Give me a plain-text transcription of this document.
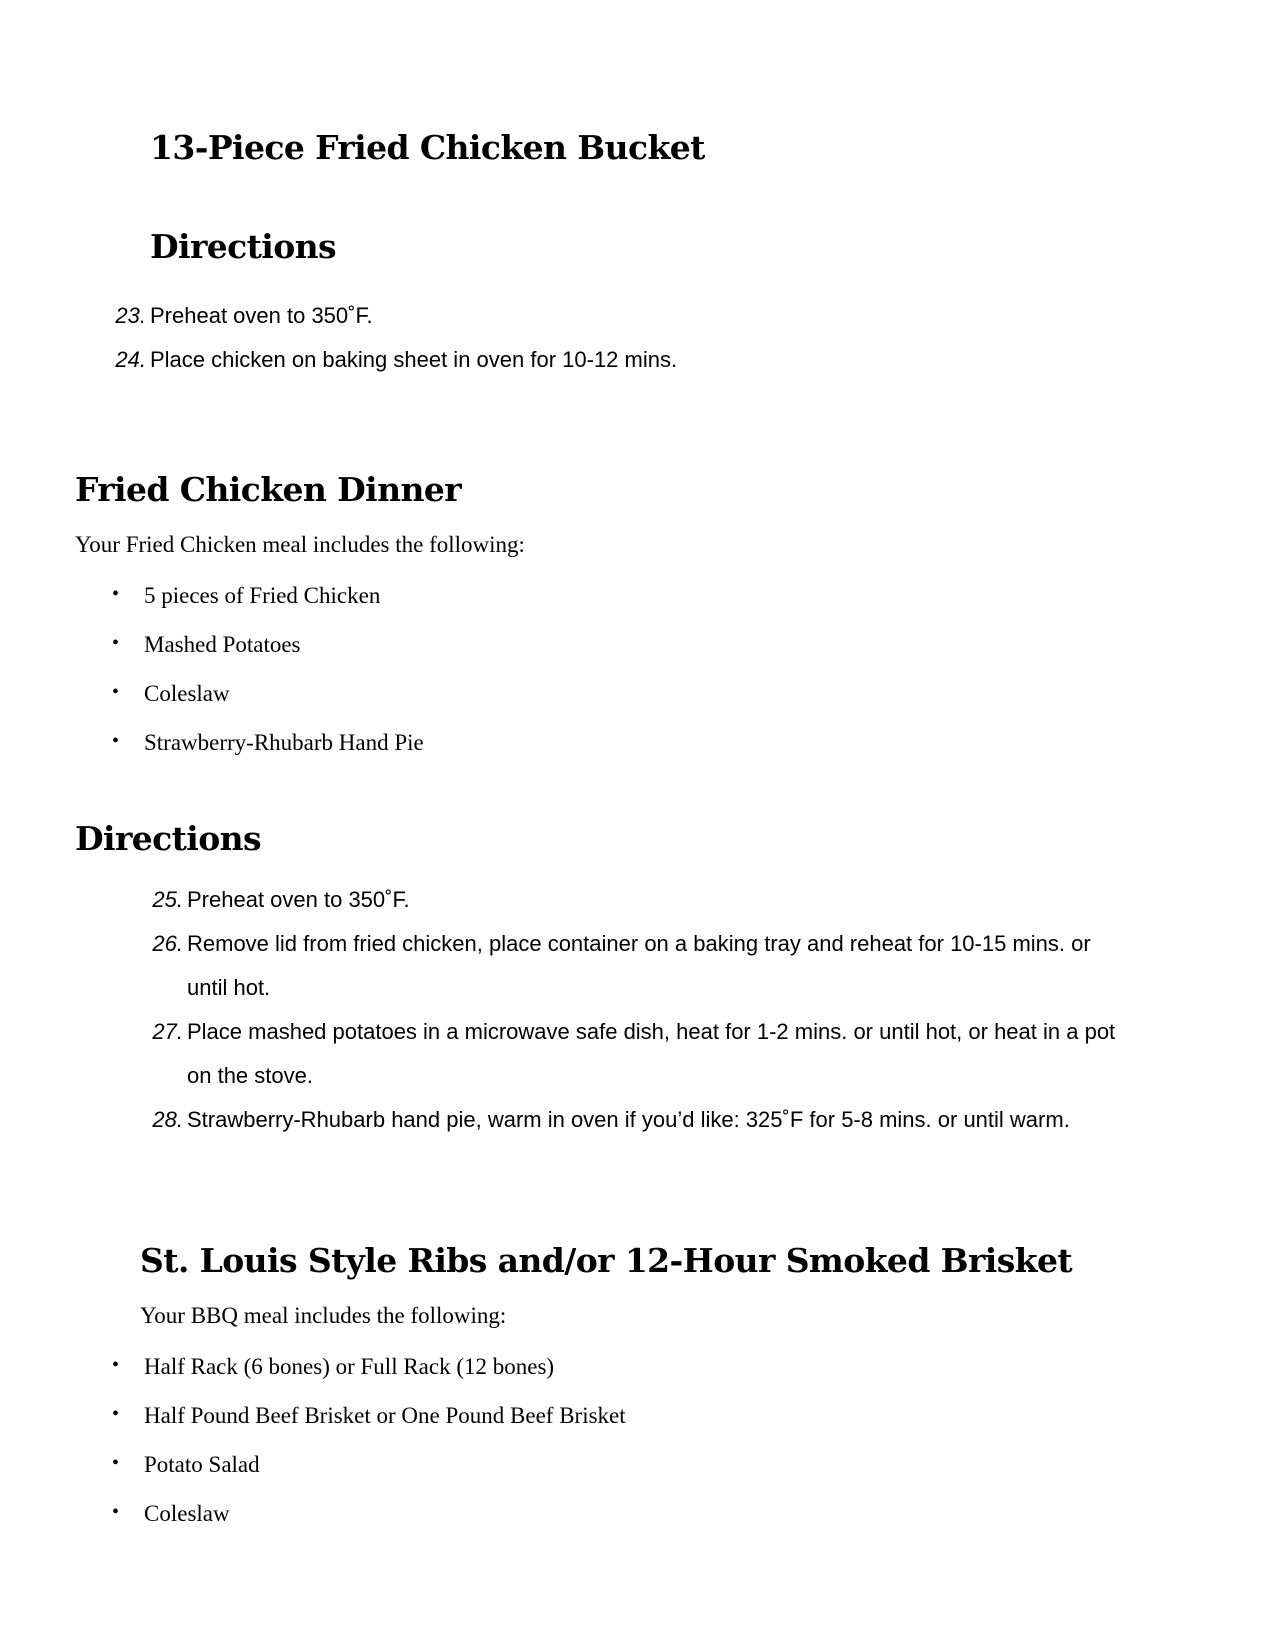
13-Piece Fried Chicken Bucket
Directions
23. Preheat oven to 350˚F.
24. Place chicken on baking sheet in oven for 10-12 mins.
Fried Chicken Dinner
Your Fried Chicken meal includes the following:
• 5 pieces of Fried Chicken
• Mashed Potatoes
• Coleslaw
• Strawberry-Rhubarb Hand Pie
Directions
25. Preheat oven to 350˚F.
26. Remove lid from fried chicken, place container on a baking tray and reheat for 10-15 mins. or
until hot.
27. Place mashed potatoes in a microwave safe dish, heat for 1-2 mins. or until hot, or heat in a pot
on the stove.
28. Strawberry-Rhubarb hand pie, warm in oven if you’d like: 325˚F for 5-8 mins. or until warm.
St. Louis Style Ribs and/or 12-Hour Smoked Brisket
Your BBQ meal includes the following:
• Half Rack (6 bones) or Full Rack (12 bones)
• Half Pound Beef Brisket or One Pound Beef Brisket
• Potato Salad
• Coleslaw
